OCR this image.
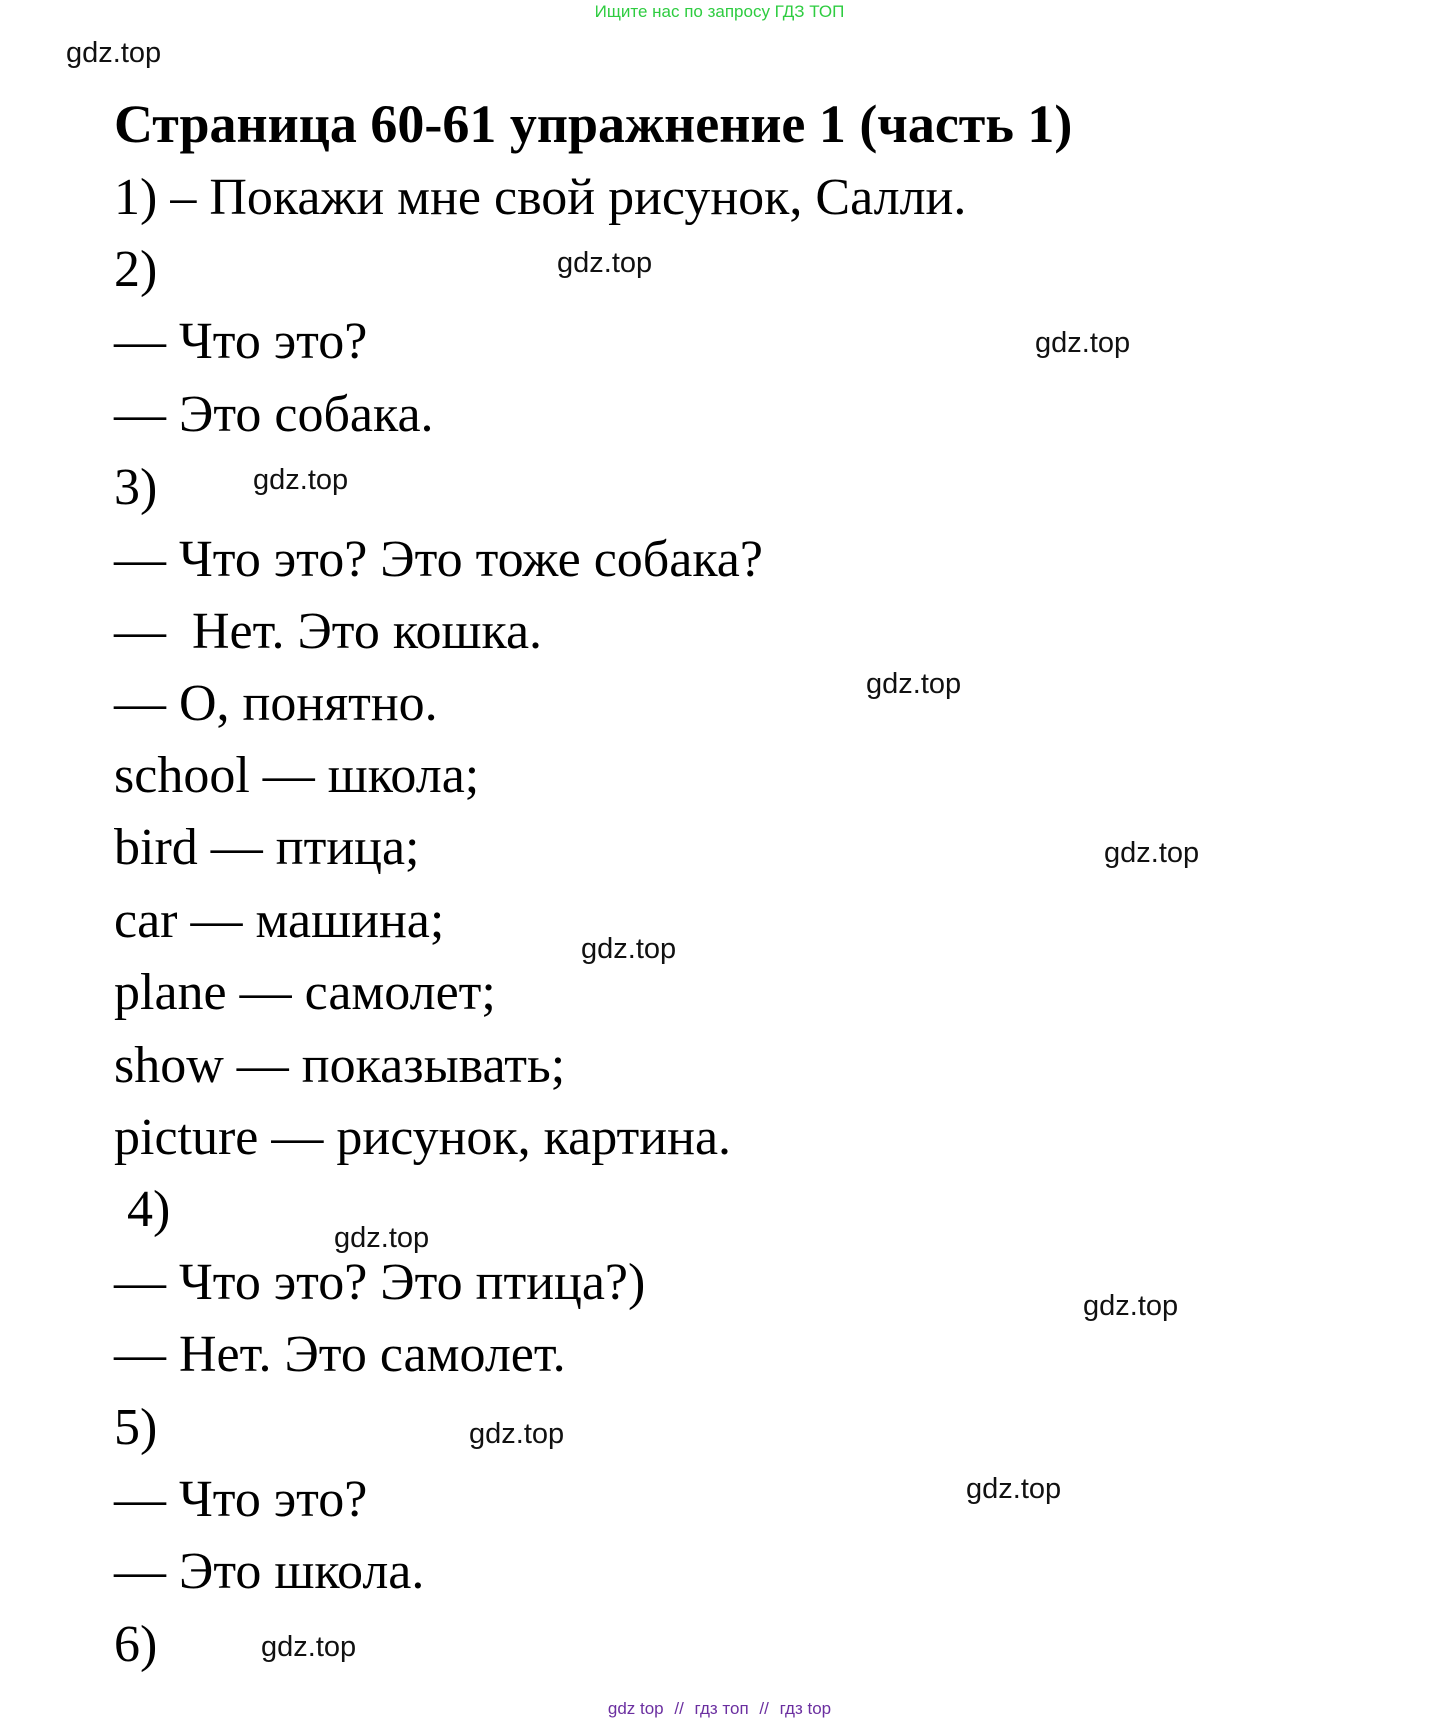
Ищите нас по запросу ГДЗ ТОП
gdz.top
Страница 60-61 упражнение 1 (часть 1)
1) – Покажи мне свой рисунок, Салли.
2)
— Что это?
— Это собака.
3)
— Что это? Это тоже собака?
—  Нет. Это кошка.
— О, понятно.
school — школа;
bird — птица;
car — машина;
plane — самолет;
show — показывать;
picture — рисунок, картина.
4)
— Что это? Это птица?)
— Нет. Это самолет.
5)
— Что это?
— Это школа.
6)
gdz.top
gdz.top
gdz.top
gdz.top
gdz.top
gdz.top
gdz.top
gdz.top
gdz.top
gdz.top
gdz.top
gdz top // гдз топ // гдз top
